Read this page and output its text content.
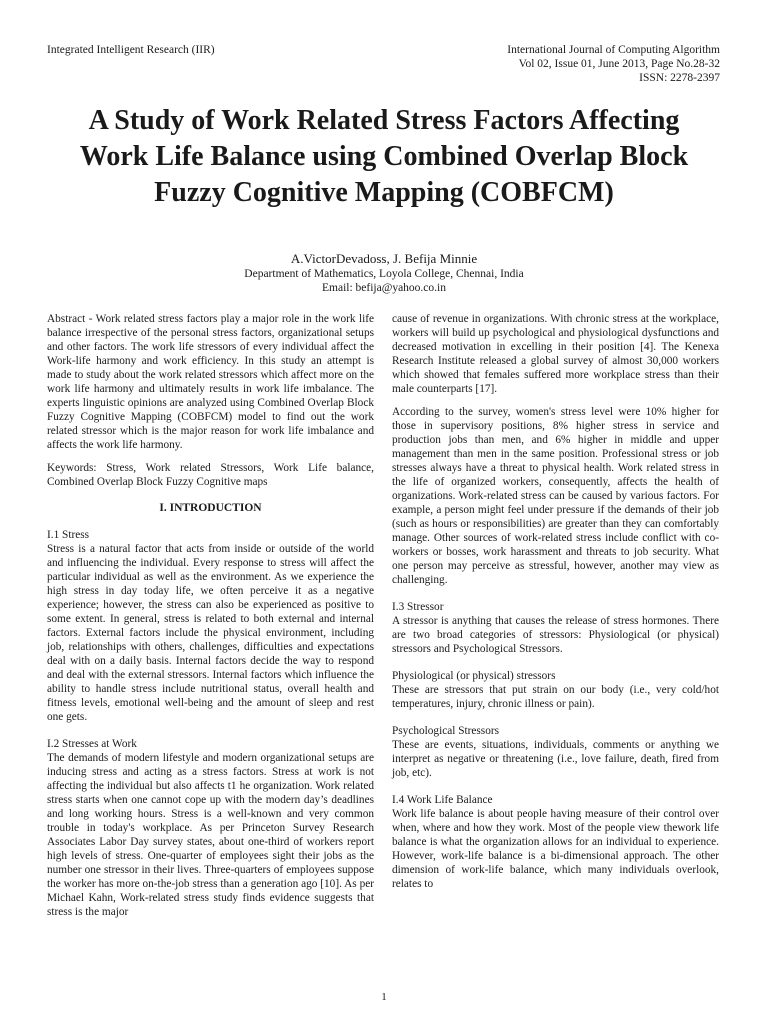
Integrated Intelligent Research (IIR)	International Journal of Computing Algorithm
Vol 02, Issue 01, June 2013, Page No.28-32
ISSN: 2278-2397
A Study of Work Related Stress Factors Affecting Work Life Balance using Combined Overlap Block Fuzzy Cognitive Mapping (COBFCM)
A.VictorDevadoss, J. Befija Minnie
Department of Mathematics, Loyola College, Chennai, India
Email: befija@yahoo.co.in

Abstract - Work related stress factors play a major role in the work life balance irrespective of the personal stress factors, organizational setups and other factors. The work life stressors of every individual affect the Work-life harmony and work efficiency. In this study an attempt is made to study about the work related stressors which affect more on the work life harmony and ultimately results in work life imbalance. The experts linguistic opinions are analyzed using Combined Overlap Block Fuzzy Cognitive Mapping (COBFCM) model to find out the work related stressor which is the major reason for work life imbalance and affects the work life harmony.

Keywords: Stress, Work related Stressors, Work Life balance, Combined Overlap Block Fuzzy Cognitive maps

I. INTRODUCTION
I.1 Stress

Stress is a natural factor that acts from inside or outside of the world and influencing the individual. Every response to stress will affect the particular individual as well as the environment. As we experience the high stress in day today life, we often perceive it as a negative experience; however, the stress can also be experienced as positive to some extent. In general, stress is related to both external and internal factors. External factors include the physical environment, including job, relationships with others, challenges, difficulties and expectations deal with on a daily basis. Internal factors decide the way to respond and deal with the external stressors. Internal factors which influence the ability to handle stress include nutritional status, overall health and fitness levels, emotional well-being and the amount of sleep and rest one gets.

I.2 Stresses at Work

The demands of modern lifestyle and modern organizational setups are inducing stress and acting as a stress factors. Stress at work is not affecting the individual but also affects t1 he organization. Work related stress starts when one cannot cope up with the modern day’s deadlines and long working hours. Stress is a well-known and very common trouble in today's workplace. As per Princeton Survey Research Associates Labor Day survey states, about one-third of workers report high levels of stress. One-quarter of employees sight their jobs as the number one stressor in their lives. Three-quarters of employees suppose the worker has more on-the-job stress than a generation ago [10]. As per Michael Kahn, Work-related stress study finds evidence suggests that stress is the major

cause of revenue in organizations. With chronic stress at the workplace, workers will build up psychological and physiological dysfunctions and decreased motivation in excelling in their position [4]. The Kenexa Research Institute released a global survey of almost 30,000 workers which showed that females suffered more workplace stress than their male counterparts [17].

According to the survey, women's stress level were 10% higher for those in supervisory positions, 8% higher stress in service and production jobs than men, and 6% higher in middle and upper management than men in the same position. Professional stress or job stresses always have a threat to physical health. Work related stress in the life of organized workers, consequently, affects the health of organizations. Work-related stress can be caused by various factors. For example, a person might feel under pressure if the demands of their job (such as hours or responsibilities) are greater than they can comfortably manage. Other sources of work-related stress include conflict with co-workers or bosses, work harassment and threats to job security. What one person may perceive as stressful, however, another may view as challenging.

I.3 Stressor

A stressor is anything that causes the release of stress hormones. There are two broad categories of stressors: Physiological (or physical) stressors and Psychological Stressors.

Physiological (or physical) stressors

These are stressors that put strain on our body (i.e., very cold/hot temperatures, injury, chronic illness or pain).

Psychological Stressors

These are events, situations, individuals, comments or anything we interpret as negative or threatening (i.e., love failure, death, fired from job, etc).

I.4 Work Life Balance

Work life balance is about people having measure of their control over when, where and how they work. Most of the people view thework life balance is what the organization allows for an individual to experience. However, work-life balance is a bi-dimensional approach. The other dimension of work-life balance, which many individuals overlook, relates to

1
